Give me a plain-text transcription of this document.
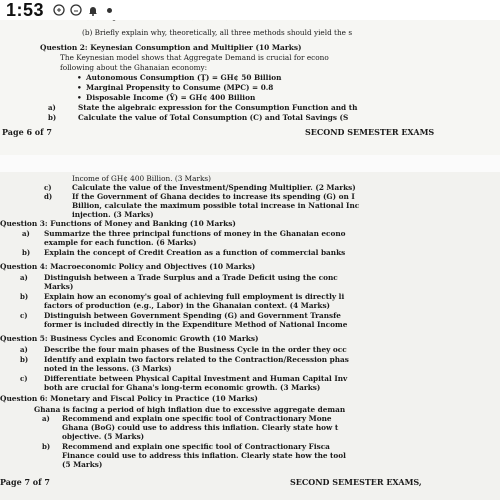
1:53
(b) Briefly explain why, theoretically, all three methods should yield the s
Question 2: Keynesian Consumption and Multiplier (10 Marks)
The Keynesian model shows that Aggregate Demand is crucial for econo
following about the Ghanaian economy:
• Autonomous Consumption (Ţ) = GH¢ 50 Billion
• Marginal Propensity to Consume (MPC) = 0.8
• Disposable Income (Ŷ) = GH¢ 400 Billion
a)	State the algebraic expression for the Consumption Function and th
b)	Calculate the value of Total Consumption (C) and Total Savings (S
Page 6 of 7	SECOND SEMESTER EXAMS
Income of GH¢ 400 Billion. (3 Marks)
c)	Calculate the value of the Investment/Spending Multiplier. (2 Marks)
d)	If the Government of Ghana decides to increase its spending (G) on I
Billion, calculate the maximum possible total increase in National Inc
injection. (3 Marks)
Question 3: Functions of Money and Banking (10 Marks)
a) Summarize the three principal functions of money in the Ghanaian econo
example for each function. (6 Marks)
b) Explain the concept of Credit Creation as a function of commercial banks
Question 4: Macroeconomic Policy and Objectives (10 Marks)
a) Distinguish between a Trade Surplus and a Trade Deficit using the conc
Marks)
b) Explain how an economy's goal of achieving full employment is directly li
factors of production (e.g., Labor) in the Ghanaian context. (4 Marks)
c) Distinguish between Government Spending (G) and Government Transfe
former is included directly in the Expenditure Method of National Income
Question 5: Business Cycles and Economic Growth (10 Marks)
a) Describe the four main phases of the Business Cycle in the order they occ
b) Identify and explain two factors related to the Contraction/Recession phas
noted in the lessons. (3 Marks)
c) Differentiate between Physical Capital Investment and Human Capital Inv
both are crucial for Ghana's long-term economic growth. (3 Marks)
Question 6: Monetary and Fiscal Policy in Practice (10 Marks)
Ghana is facing a period of high inflation due to excessive aggregate deman
a) Recommend and explain one specific tool of Contractionary Mone
Ghana (BoG) could use to address this inflation. Clearly state how t
objective. (5 Marks)
b) Recommend and explain one specific tool of Contractionary Fisca
Finance could use to address this inflation. Clearly state how the tool
(5 Marks)
Page 7 of 7	SECOND SEMESTER EXAMS,
